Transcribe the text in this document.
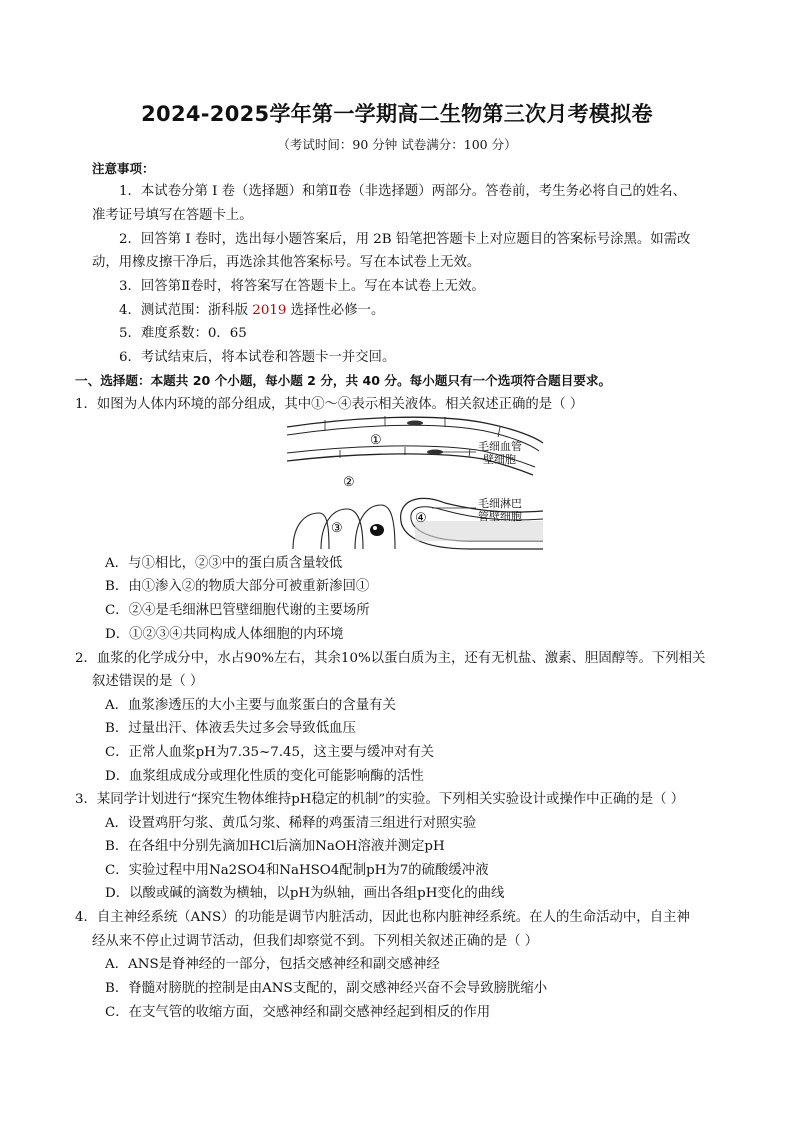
2024-2025学年第一学期高二生物第三次月考模拟卷
（考试时间：90 分钟 试卷满分：100 分）
注意事项：
1．本试卷分第 I 卷（选择题）和第Ⅱ卷（非选择题）两部分。答卷前，考生务必将自己的姓名、
准考证号填写在答题卡上。
2．回答第 I 卷时，选出每小题答案后，用 2B 铅笔把答题卡上对应题目的答案标号涂黑。如需改
动，用橡皮擦干净后，再选涂其他答案标号。写在本试卷上无效。
3．回答第Ⅱ卷时，将答案写在答题卡上。写在本试卷上无效。
4．测试范围：浙科版 2019 选择性必修一。
5．难度系数：0．65
6．考试结束后，将本试卷和答题卡一并交回。
一、选择题：本题共 20 个小题，每小题 2 分，共 40 分。每小题只有一个选项符合题目要求。
1．如图为人体内环境的部分组成，其中①～④表示相关液体。相关叙述正确的是（ ）
①
②
③
④
毛细血管
壁细胞
毛细淋巴
管壁细胞
A．与①相比，②③中的蛋白质含量较低
B．由①渗入②的物质大部分可被重新渗回①
C．②④是毛细淋巴管壁细胞代谢的主要场所
D．①②③④共同构成人体细胞的内环境
2．血浆的化学成分中，水占90%左右，其余10%以蛋白质为主，还有无机盐、激素、胆固醇等。下列相关
叙述错误的是（ ）
A．血浆渗透压的大小主要与血浆蛋白的含量有关
B．过量出汗、体液丢失过多会导致低血压
C．正常人血浆pH为7.35~7.45，这主要与缓冲对有关
D．血浆组成成分或理化性质的变化可能影响酶的活性
3．某同学计划进行“探究生物体维持pH稳定的机制”的实验。下列相关实验设计或操作中正确的是（ ）
A．设置鸡肝匀浆、黄瓜匀浆、稀释的鸡蛋清三组进行对照实验
B．在各组中分别先滴加HCl后滴加NaOH溶液并测定pH
C．实验过程中用Na2SO4和NaHSO4配制pH为7的硫酸缓冲液
D．以酸或碱的滴数为横轴，以pH为纵轴，画出各组pH变化的曲线
4．自主神经系统（ANS）的功能是调节内脏活动，因此也称内脏神经系统。在人的生命活动中，自主神
经从来不停止过调节活动，但我们却察觉不到。下列相关叙述正确的是（ ）
A．ANS是脊神经的一部分，包括交感神经和副交感神经
B．脊髓对膀胱的控制是由ANS支配的，副交感神经兴奋不会导致膀胱缩小
C．在支气管的收缩方面，交感神经和副交感神经起到相反的作用
